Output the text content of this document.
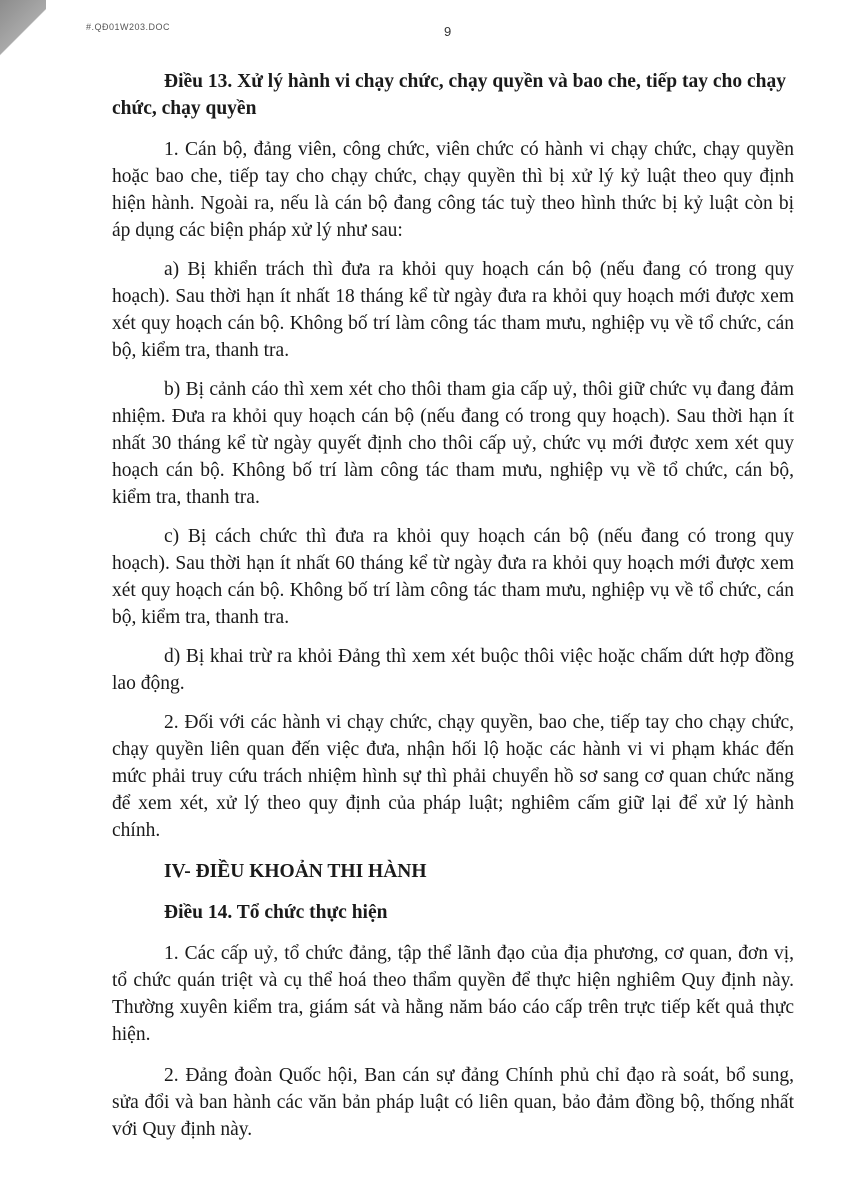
#.QĐ01W203.DOC	9

Điều 13. Xử lý hành vi chạy chức, chạy quyền và bao che, tiếp tay cho chạy chức, chạy quyền

1. Cán bộ, đảng viên, công chức, viên chức có hành vi chạy chức, chạy quyền hoặc bao che, tiếp tay cho chạy chức, chạy quyền thì bị xử lý kỷ luật theo quy định hiện hành. Ngoài ra, nếu là cán bộ đang công tác tuỳ theo hình thức bị kỷ luật còn bị áp dụng các biện pháp xử lý như sau:

a) Bị khiển trách thì đưa ra khỏi quy hoạch cán bộ (nếu đang có trong quy hoạch). Sau thời hạn ít nhất 18 tháng kể từ ngày đưa ra khỏi quy hoạch mới được xem xét quy hoạch cán bộ. Không bố trí làm công tác tham mưu, nghiệp vụ về tổ chức, cán bộ, kiểm tra, thanh tra.

b) Bị cảnh cáo thì xem xét cho thôi tham gia cấp uỷ, thôi giữ chức vụ đang đảm nhiệm. Đưa ra khỏi quy hoạch cán bộ (nếu đang có trong quy hoạch). Sau thời hạn ít nhất 30 tháng kể từ ngày quyết định cho thôi cấp uỷ, chức vụ mới được xem xét quy hoạch cán bộ. Không bố trí làm công tác tham mưu, nghiệp vụ về tổ chức, cán bộ, kiểm tra, thanh tra.

c) Bị cách chức thì đưa ra khỏi quy hoạch cán bộ (nếu đang có trong quy hoạch). Sau thời hạn ít nhất 60 tháng kể từ ngày đưa ra khỏi quy hoạch mới được xem xét quy hoạch cán bộ. Không bố trí làm công tác tham mưu, nghiệp vụ về tổ chức, cán bộ, kiểm tra, thanh tra.

d) Bị khai trừ ra khỏi Đảng thì xem xét buộc thôi việc hoặc chấm dứt hợp đồng lao động.

2. Đối với các hành vi chạy chức, chạy quyền, bao che, tiếp tay cho chạy chức, chạy quyền liên quan đến việc đưa, nhận hối lộ hoặc các hành vi vi phạm khác đến mức phải truy cứu trách nhiệm hình sự thì phải chuyển hồ sơ sang cơ quan chức năng để xem xét, xử lý theo quy định của pháp luật; nghiêm cấm giữ lại để xử lý hành chính.

IV- ĐIỀU KHOẢN THI HÀNH

Điều 14. Tổ chức thực hiện

1. Các cấp uỷ, tổ chức đảng, tập thể lãnh đạo của địa phương, cơ quan, đơn vị, tổ chức quán triệt và cụ thể hoá theo thẩm quyền để thực hiện nghiêm Quy định này. Thường xuyên kiểm tra, giám sát và hằng năm báo cáo cấp trên trực tiếp kết quả thực hiện.

2. Đảng đoàn Quốc hội, Ban cán sự đảng Chính phủ chỉ đạo rà soát, bổ sung, sửa đổi và ban hành các văn bản pháp luật có liên quan, bảo đảm đồng bộ, thống nhất với Quy định này.
